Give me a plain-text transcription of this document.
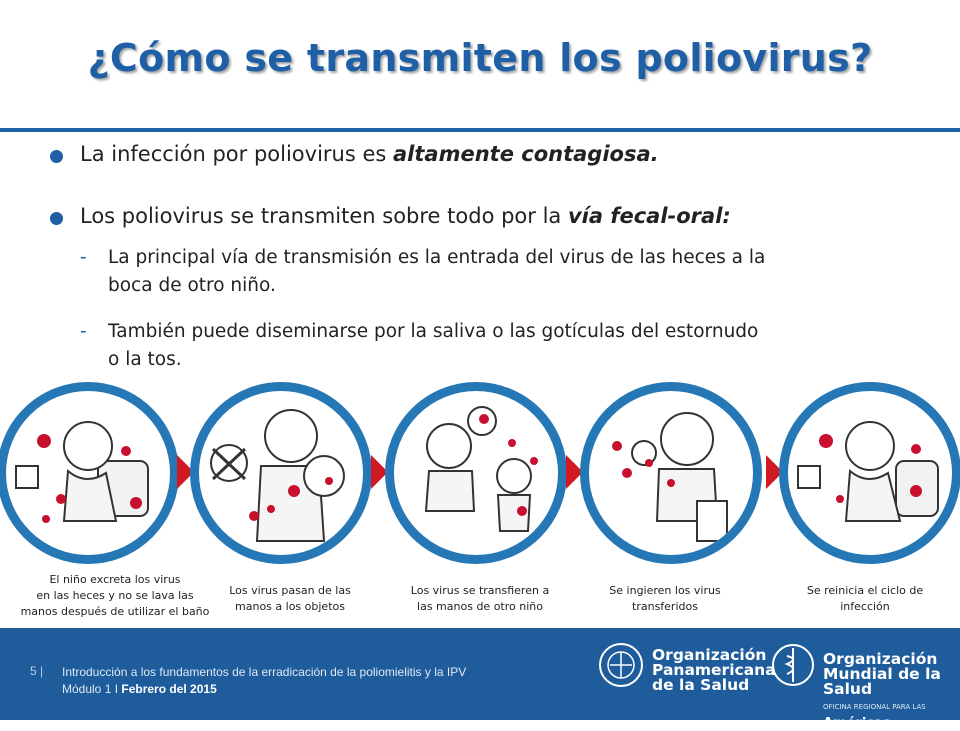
¿Cómo se transmiten los poliovirus?
La infección por poliovirus es altamente contagiosa.
Los poliovirus se transmiten sobre todo por la vía fecal-oral:
- La principal vía de transmisión es la entrada del virus de las heces a la
boca de otro niño.
- También puede diseminarse por la saliva o las gotículas del estornudo
o la tos.
El niño excreta los virus
en las heces y no se lava las
manos después de utilizar el baño
Los virus pasan de las
manos a los objetos
Los virus se transfieren a
las manos de otro niño
Se ingieren los virus
transferidos
Se reinicia el ciclo de
infección
5 | Introducción a los fundamentos de la erradicación de la poliomielitis y la IPV
Módulo 1 I Febrero del 2015
Organización
Panamericana
de la Salud
Organización
Mundial de la Salud
OFICINA REGIONAL PARA LAS Américas
